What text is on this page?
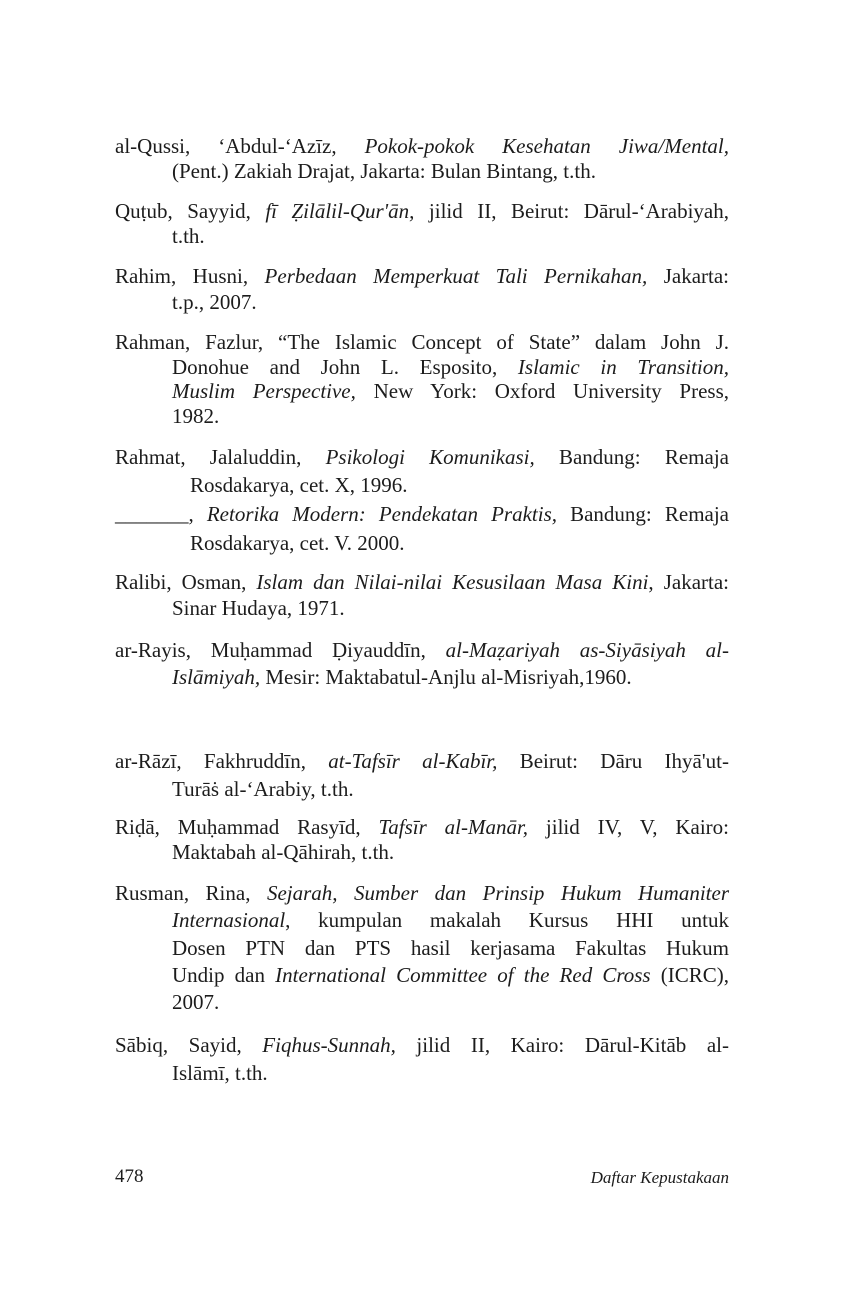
al-Qussi, ‘Abdul-‘Azīz, Pokok-pokok Kesehatan Jiwa/Mental,
(Pent.) Zakiah Drajat, Jakarta: Bulan Bintang, t.th.
Quṭub, Sayyid, fī Ẓilālil-Qur'ān, jilid II, Beirut: Dārul-‘Arabiyah,
t.th.
Rahim, Husni, Perbedaan Memperkuat Tali Pernikahan, Jakarta:
t.p., 2007.
Rahman, Fazlur, “The Islamic Concept of State” dalam John J.
Donohue and John L. Esposito, Islamic in Transition,
Muslim Perspective, New York: Oxford University Press,
1982.
Rahmat, Jalaluddin, Psikologi Komunikasi, Bandung: Remaja
Rosdakarya, cet. X, 1996.
_______, Retorika Modern: Pendekatan Praktis, Bandung: Remaja
Rosdakarya, cet. V. 2000.
Ralibi, Osman, Islam dan Nilai-nilai Kesusilaan Masa Kini, Jakarta:
Sinar Hudaya, 1971.
ar-Rayis, Muḥammad Ḍiyauddīn, al-Maẓariyah as-Siyāsiyah al-
Islāmiyah, Mesir: Maktabatul-Anjlu al-Misriyah,1960.
ar-Rāzī, Fakhruddīn, at-Tafsīr al-Kabīr, Beirut: Dāru Ihyā'ut-
Turāṡ al-‘Arabiy, t.th.
Riḍā, Muḥammad Rasyīd, Tafsīr al-Manār, jilid IV, V, Kairo:
Maktabah al-Qāhirah, t.th.
Rusman, Rina, Sejarah, Sumber dan Prinsip Hukum Humaniter
Internasional, kumpulan makalah Kursus HHI untuk
Dosen PTN dan PTS hasil kerjasama Fakultas Hukum
Undip dan International Committee of the Red Cross (ICRC),
2007.
Sābiq, Sayid, Fiqhus-Sunnah, jilid II, Kairo: Dārul-Kitāb al-
Islāmī, t.th.
478	Daftar Kepustakaan
